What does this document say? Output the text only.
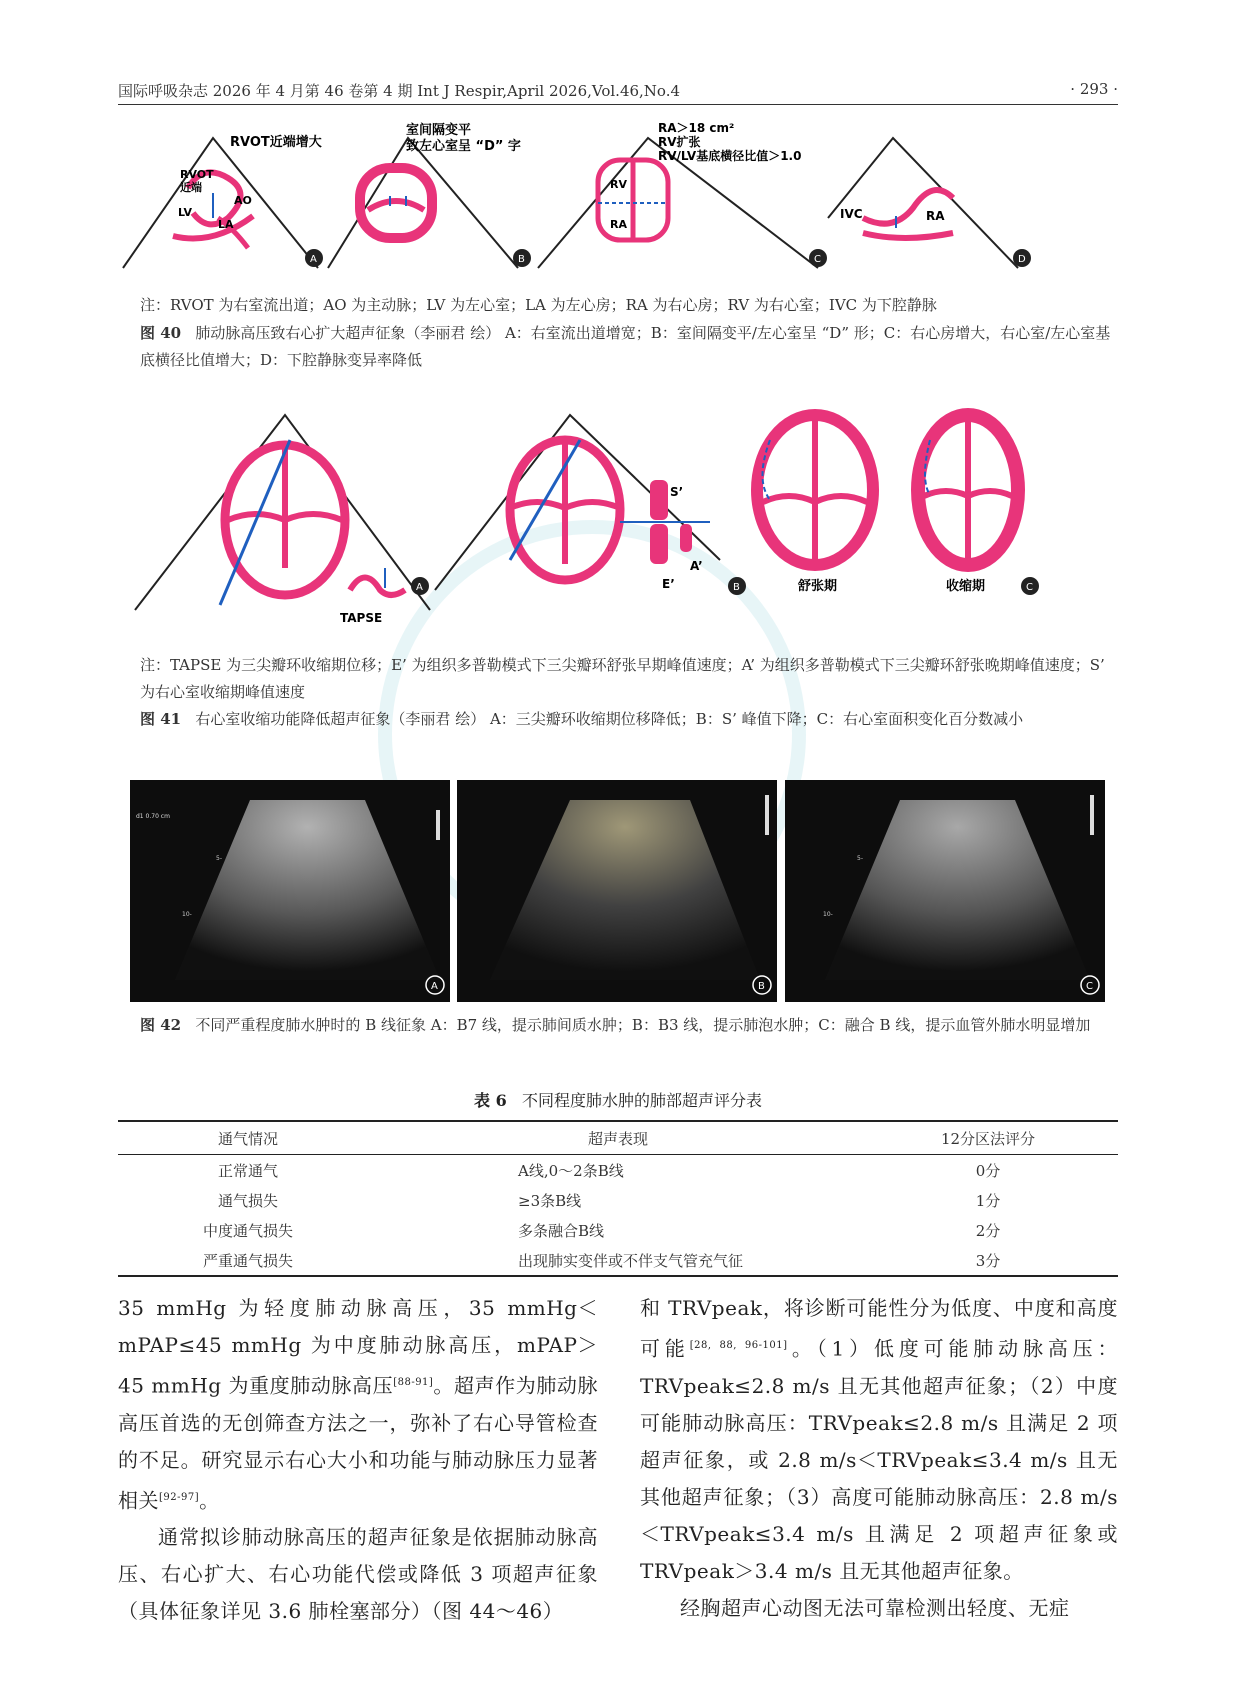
国际呼吸杂志 2026 年 4 月第 46 卷第 4 期 Int J Respir,April 2026,Vol.46,No.4	· 293 ·
RVOT近端增大
RVOT
近端
AO
LV
LA
A
室间隔变平
致左心室呈 “D” 字
B
RA＞18 cm²
RV扩张
RV/LV基底横径比值＞1.0
RV
RA
C
IVC	RA
D
注：RVOT 为右室流出道；AO 为主动脉；LV 为左心室；LA 为左心房；RA 为右心房；RV 为右心室；IVC 为下腔静脉
图 40 肺动脉高压致右心扩大超声征象（李丽君 绘） A：右室流出道增宽；B：室间隔变平/左心室呈 “D” 形；C：右心房增大，右心室/左心室基底横径比值增大；D：下腔静脉变异率降低
TAPSE
A
S’
A’
E’	B	舒张期	收缩期	C
注：TAPSE 为三尖瓣环收缩期位移；E’ 为组织多普勒模式下三尖瓣环舒张早期峰值速度；A’ 为组织多普勒模式下三尖瓣环舒张晚期峰值速度；S’ 为右心室收缩期峰值速度
图 41 右心室收缩功能降低超声征象（李丽君 绘） A：三尖瓣环收缩期位移降低；B：S’ 峰值下降；C：右心室面积变化百分数减小
d1 0.70 cm
5-
10-
A	B
5-
10-
C
图 42 不同严重程度肺水肿时的 B 线征象 A：B7 线，提示肺间质水肿；B：B3 线，提示肺泡水肿；C：融合 B 线，提示血管外肺水明显增加
表 6 不同程度肺水肿的肺部超声评分表
通气情况	超声表现	12分区法评分
正常通气	A线,0～2条B线	0分
通气损失	≥3条B线	1分
中度通气损失	多条融合B线	2分
严重通气损失	出现肺实变伴或不伴支气管充气征	3分

35 mmHg 为轻度肺动脉高压，35 mmHg＜mPAP≤45 mmHg 为中度肺动脉高压，mPAP＞45 mmHg 为重度肺动脉高压[88-91]。超声作为肺动脉高压首选的无创筛查方法之一，弥补了右心导管检查的不足。研究显示右心大小和功能与肺动脉压力显著相关[92-97]。

通常拟诊肺动脉高压的超声征象是依据肺动脉高压、右心扩大、右心功能代偿或降低 3 项超声征象（具体征象详见 3.6 肺栓塞部分）（图 44～46）

和 TRVpeak，将诊断可能性分为低度、中度和高度可能[28, 88, 96-101]。（1）低度可能肺动脉高压：TRVpeak≤2.8 m/s 且无其他超声征象；（2）中度可能肺动脉高压：TRVpeak≤2.8 m/s 且满足 2 项超声征象，或 2.8 m/s＜TRVpeak≤3.4 m/s 且无其他超声征象；（3）高度可能肺动脉高压：2.8 m/s＜TRVpeak≤3.4 m/s 且满足 2 项超声征象或 TRVpeak＞3.4 m/s 且无其他超声征象。

经胸超声心动图无法可靠检测出轻度、无症
